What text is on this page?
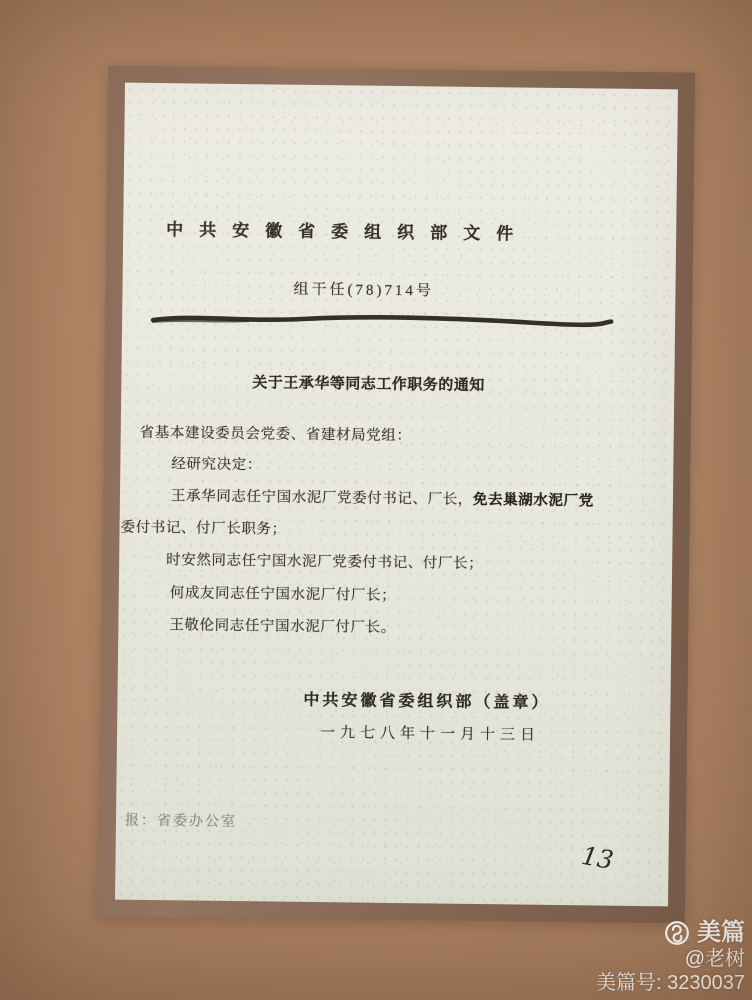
中共安徽省委组织部文件
组干任(78)714号
关于王承华等同志工作职务的通知
省基本建设委员会党委、省建材局党组：
经研究决定：
王承华同志任宁国水泥厂党委付书记、厂长，免去巢湖水泥厂党
委付书记、付厂长职务；
时安然同志任宁国水泥厂党委付书记、付厂长；
何成友同志任宁国水泥厂付厂长；
王敬伦同志任宁国水泥厂付厂长。
中共安徽省委组织部（盖章）
一九七八年十一月十三日
报：省委办公室
13
美篇
@老树
美篇号: 3230037
